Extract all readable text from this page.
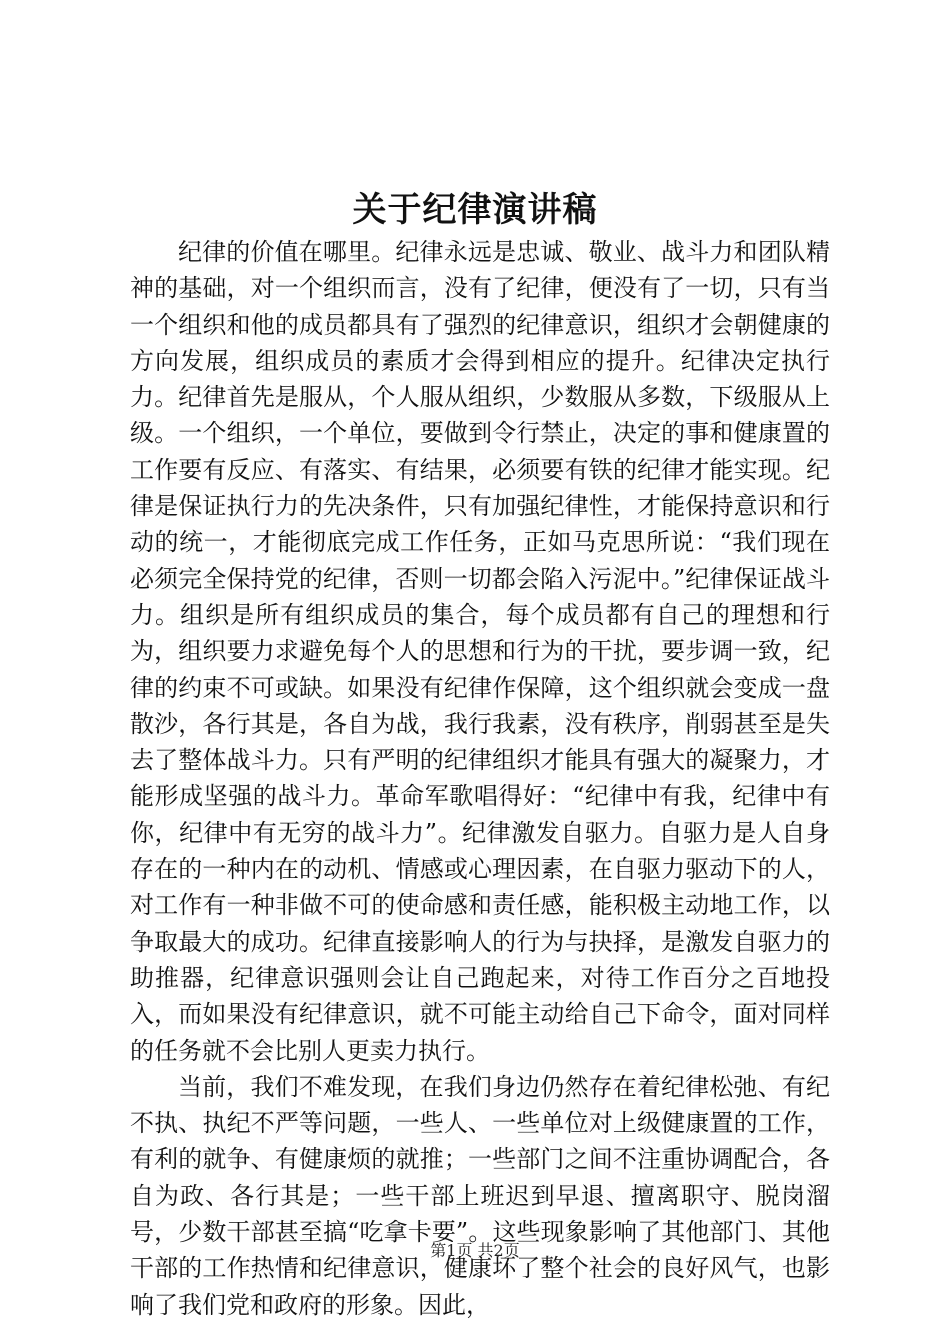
关于纪律演讲稿

纪律的价值在哪里。纪律永远是忠诚、敬业、战斗力和团队精神的基础，对一个组织而言，没有了纪律，便没有了一切，只有当一个组织和他的成员都具有了强烈的纪律意识，组织才会朝健康的方向发展，组织成员的素质才会得到相应的提升。纪律决定执行力。纪律首先是服从，个人服从组织，少数服从多数，下级服从上级。一个组织，一个单位，要做到令行禁止，决定的事和健康置的工作要有反应、有落实、有结果，必须要有铁的纪律才能实现。纪律是保证执行力的先决条件，只有加强纪律性，才能保持意识和行动的统一，才能彻底完成工作任务，正如马克思所说：“我们现在必须完全保持党的纪律，否则一切都会陷入污泥中。”纪律保证战斗力。组织是所有组织成员的集合，每个成员都有自己的理想和行为，组织要力求避免每个人的思想和行为的干扰，要步调一致，纪律的约束不可或缺。如果没有纪律作保障，这个组织就会变成一盘散沙，各行其是，各自为战，我行我素，没有秩序，削弱甚至是失去了整体战斗力。只有严明的纪律组织才能具有强大的凝聚力，才能形成坚强的战斗力。革命军歌唱得好：“纪律中有我，纪律中有你，纪律中有无穷的战斗力”。纪律激发自驱力。自驱力是人自身存在的一种内在的动机、情感或心理因素，在自驱力驱动下的人，对工作有一种非做不可的使命感和责任感，能积极主动地工作，以争取最大的成功。纪律直接影响人的行为与抉择，是激发自驱力的助推器，纪律意识强则会让自己跑起来，对待工作百分之百地投入，而如果没有纪律意识，就不可能主动给自己下命令，面对同样的任务就不会比别人更卖力执行。

当前，我们不难发现，在我们身边仍然存在着纪律松弛、有纪不执、执纪不严等问题，一些人、一些单位对上级健康置的工作，有利的就争、有健康烦的就推；一些部门之间不注重协调配合，各自为政、各行其是；一些干部上班迟到早退、擅离职守、脱岗溜号，少数干部甚至搞“吃拿卡要”。这些现象影响了其他部门、其他干部的工作热情和纪律意识，健康坏了整个社会的良好风气，也影响了我们党和政府的形象。因此，

第1页 共2页
